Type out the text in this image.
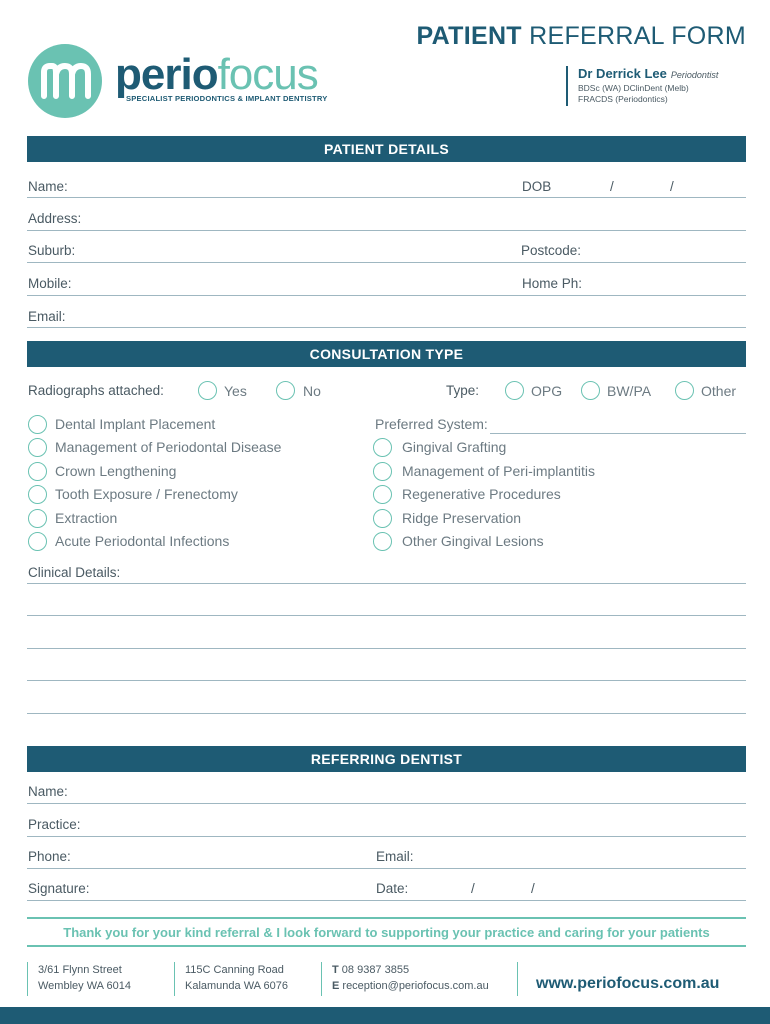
periofocus
SPECIALIST PERIODONTICS & IMPLANT DENTISTRY
PATIENT REFERRAL FORM
Dr Derrick Lee Periodontist
BDSc (WA) DClinDent (Melb)
FRACDS (Periodontics)
PATIENT DETAILS
Name:	DOB	/	/
Address:
Suburb:	Postcode:
Mobile:	Home Ph:
Email:
CONSULTATION TYPE
Radiographs attached:	Yes	No	Type:	OPG	BW/PA	Other
Dental Implant Placement
Management of Periodontal Disease
Crown Lengthening
Tooth Exposure / Frenectomy
Extraction
Acute Periodontal Infections
Preferred System:
Gingival Grafting
Management of Peri-implantitis
Regenerative Procedures
Ridge Preservation
Other Gingival Lesions
Clinical Details:
REFERRING DENTIST
Name:
Practice:
Phone:	Email:
Signature:	Date:	/	/
Thank you for your kind referral & I look forward to supporting your practice and caring for your patients
3/61 Flynn Street
Wembley WA 6014
115C Canning Road
Kalamunda WA 6076
T 08 9387 3855
E reception@periofocus.com.au	www.periofocus.com.au
